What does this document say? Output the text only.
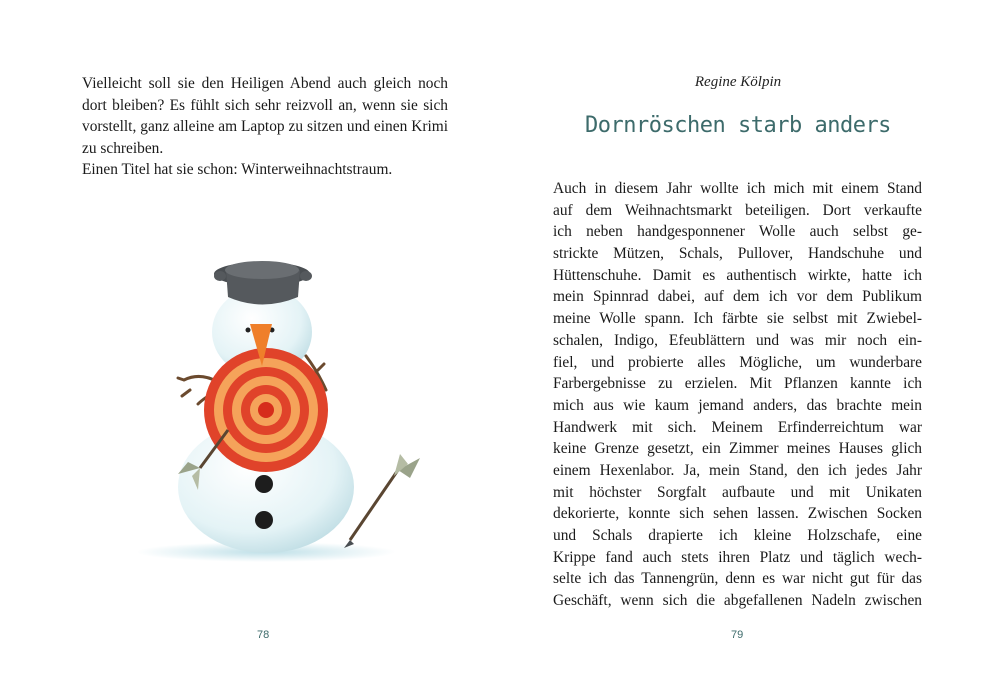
Vielleicht soll sie den Heiligen Abend auch gleich noch dort bleiben? Es fühlt sich sehr reizvoll an, wenn sie sich vorstellt, ganz alleine am Laptop zu sitzen und einen Krimi zu schreiben.

Einen Titel hat sie schon: Winterweihnachtstraum.

78
Regine Kölpin
Dornröschen starb anders
Auch in diesem Jahr wollte ich mich mit einem Stand
auf dem Weihnachtsmarkt beteiligen. Dort verkaufte
ich neben handgesponnener Wolle auch selbst ge-
strickte Mützen, Schals, Pullover, Handschuhe und
Hüttenschuhe. Damit es authentisch wirkte, hatte ich
mein Spinnrad dabei, auf dem ich vor dem Publikum
meine Wolle spann. Ich färbte sie selbst mit Zwiebel-
schalen, Indigo, Efeublättern und was mir noch ein-
fiel, und probierte alles Mögliche, um wunderbare
Farbergebnisse zu erzielen. Mit Pflanzen kannte ich
mich aus wie kaum jemand anders, das brachte mein
Handwerk mit sich. Meinem Erfinderreichtum war
keine Grenze gesetzt, ein Zimmer meines Hauses glich
einem Hexenlabor. Ja, mein Stand, den ich jedes Jahr
mit höchster Sorgfalt aufbaute und mit Unikaten
dekorierte, konnte sich sehen lassen. Zwischen Socken
und Schals drapierte ich kleine Holzschafe, eine
Krippe fand auch stets ihren Platz und täglich wech-
selte ich das Tannengrün, denn es war nicht gut für das
Geschäft, wenn sich die abgefallenen Nadeln zwischen
79
